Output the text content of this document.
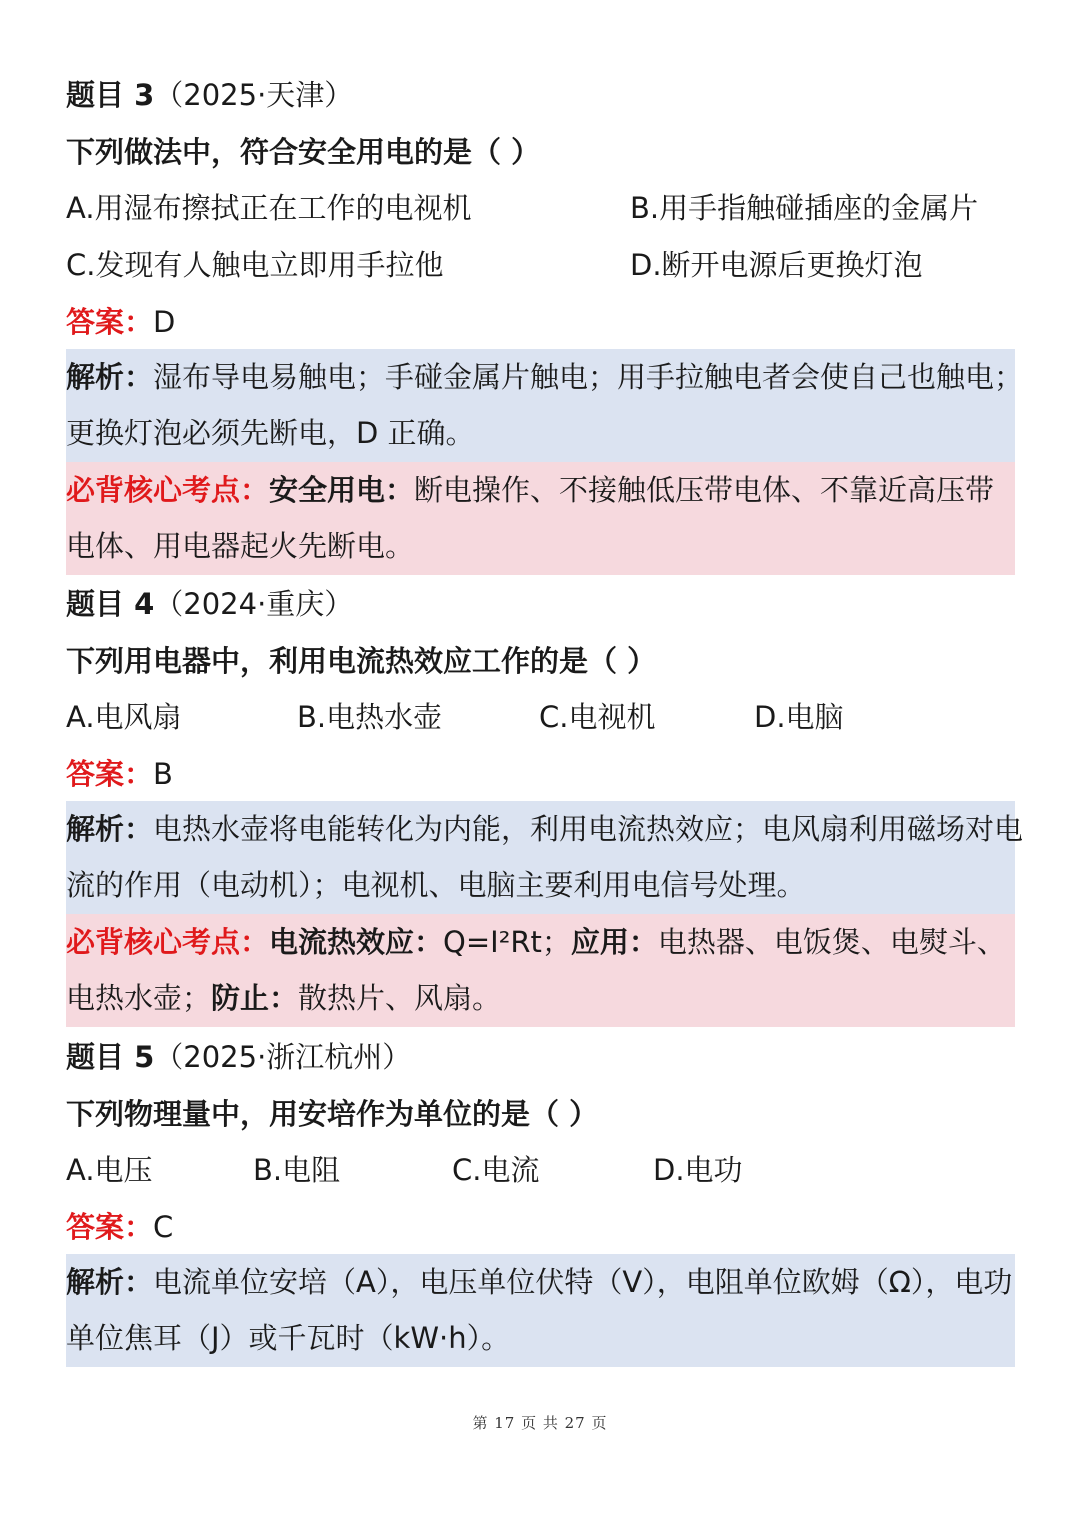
题目 3（2025·天津）
下列做法中，符合安全用电的是（ ）
A.用湿布擦拭正在工作的电视机	B.用手指触碰插座的金属片
C.发现有人触电立即用手拉他	D.断开电源后更换灯泡
答案：D
解析：湿布导电易触电；手碰金属片触电；用手拉触电者会使自己也触电；
更换灯泡必须先断电，D 正确。
必背核心考点：安全用电：断电操作、不接触低压带电体、不靠近高压带
电体、用电器起火先断电。
题目 4（2024·重庆）
下列用电器中，利用电流热效应工作的是（ ）
A.电风扇	B.电热水壶	C.电视机	D.电脑
答案：B
解析：电热水壶将电能转化为内能，利用电流热效应；电风扇利用磁场对电
流的作用（电动机）；电视机、电脑主要利用电信号处理。
必背核心考点：电流热效应：Q=I²Rt；应用：电热器、电饭煲、电熨斗、
电热水壶；防止：散热片、风扇。
题目 5（2025·浙江杭州）
下列物理量中，用安培作为单位的是（ ）
A.电压	B.电阻	C.电流	D.电功
答案：C
解析：电流单位安培（A），电压单位伏特（V），电阻单位欧姆（Ω），电功
单位焦耳（J）或千瓦时（kW·h）。
第 17 页 共 27 页
